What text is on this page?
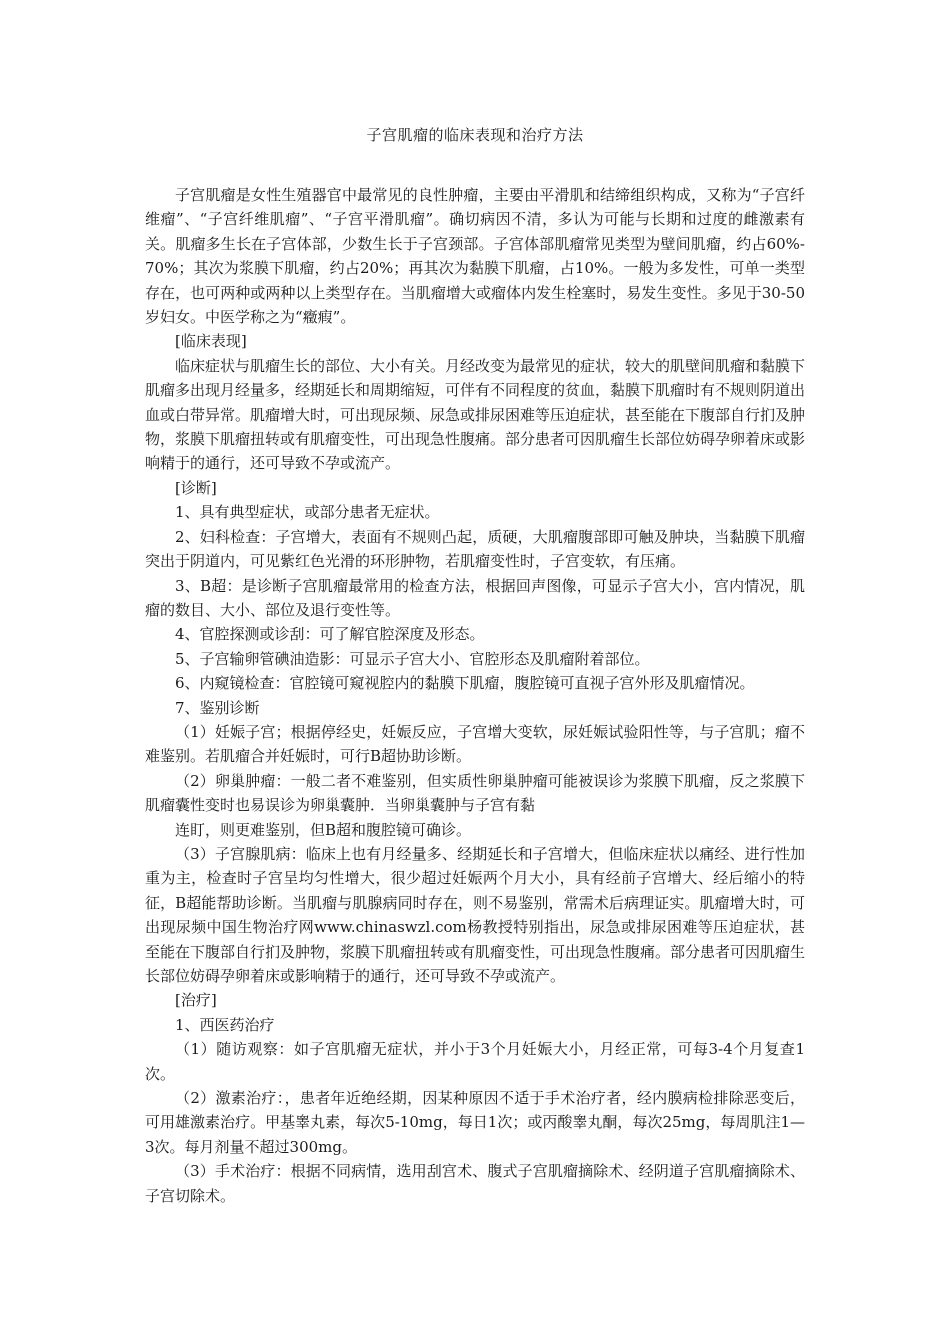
子宫肌瘤的临床表现和治疗方法

子宫肌瘤是女性生殖器官中最常见的良性肿瘤，主要由平滑肌和结缔组织构成，又称为“子宫纤维瘤”、“子宫纤维肌瘤”、“子宫平滑肌瘤”。确切病因不清，多认为可能与长期和过度的雌激素有关。肌瘤多生长在子宫体部，少数生长于子宫颈部。子宫体部肌瘤常见类型为壁间肌瘤，约占60%-70%；其次为浆膜下肌瘤，约占20%；再其次为黏膜下肌瘤，占10%。一般为多发性，可单一类型存在，也可两种或两种以上类型存在。当肌瘤增大或瘤体内发生栓塞时，易发生变性。多见于30-50岁妇女。中医学称之为“癥瘕”。

[临床表现]

临床症状与肌瘤生长的部位、大小有关。月经改变为最常见的症状，较大的肌壁间肌瘤和黏膜下肌瘤多出现月经量多，经期延长和周期缩短，可伴有不同程度的贫血，黏膜下肌瘤时有不规则阴道出血或白带异常。肌瘤增大时，可出现尿频、尿急或排尿困难等压迫症状，甚至能在下腹部自行扪及肿物，浆膜下肌瘤扭转或有肌瘤变性，可出现急性腹痛。部分患者可因肌瘤生长部位妨碍孕卵着床或影响精于的通行，还可导致不孕或流产。

[诊断]

1、具有典型症状，或部分患者无症状。

2、妇科检查：子宫增大，表面有不规则凸起，质硬，大肌瘤腹部即可触及肿块，当黏膜下肌瘤突出于阴道内，可见紫红色光滑的环形肿物，若肌瘤变性时，子宫变软，有压痛。

3、B超：是诊断子宫肌瘤最常用的检查方法，根据回声图像，可显示子宫大小，宫内情况，肌瘤的数目、大小、部位及退行变性等。

4、官腔探测或诊刮：可了解官腔深度及形态。

5、子宫输卵管碘油造影：可显示子宫大小、官腔形态及肌瘤附着部位。

6、内窥镜检查：官腔镜可窥视腔内的黏膜下肌瘤，腹腔镜可直视子宫外形及肌瘤情况。

7、鉴别诊断

（1）妊娠子宫；根据停经史，妊娠反应，子宫增大变软，尿妊娠试验阳性等，与子宫肌；瘤不难鉴别。若肌瘤合并妊娠时，可行B超协助诊断。

（2）卵巢肿瘤：一般二者不难鉴别，但实质性卵巢肿瘤可能被误诊为浆膜下肌瘤，反之浆膜下肌瘤囊性变时也易误诊为卵巢囊肿．当卵巢囊肿与子宫有黏

连盯，则更难鉴别，但B超和腹腔镜可确诊。

（3）子宫腺肌病：临床上也有月经量多、经期延长和子宫增大，但临床症状以痛经、进行性加重为主，检查时子宫呈均匀性增大，很少超过妊娠两个月大小，具有经前子宫增大、经后缩小的特征，B超能帮助诊断。当肌瘤与肌腺病同时存在，则不易鉴别，常需术后病理证实。肌瘤增大时，可出现尿频中国生物治疗网www.chinaswzl.com杨教授特别指出，尿急或排尿困难等压迫症状，甚至能在下腹部自行扪及肿物，浆膜下肌瘤扭转或有肌瘤变性，可出现急性腹痛。部分患者可因肌瘤生长部位妨碍孕卵着床或影响精于的通行，还可导致不孕或流产。

[治疗]

1、西医药治疗

（1）随访观察：如子宫肌瘤无症状，并小于3个月妊娠大小，月经正常，可每3-4个月复查1次。

（2）激素治疗：，患者年近绝经期，因某种原因不适于手术治疗者，经内膜病检排除恶变后，可用雄激素治疗。甲基睾丸素，每次5-10mg，每日1次；或丙酸睾丸酮，每次25mg，每周肌注1—3次。每月剂量不超过300mg。

（3）手术治疗：根据不同病情，选用刮宫术、腹式子宫肌瘤摘除术、经阴道子宫肌瘤摘除术、子宫切除术。
